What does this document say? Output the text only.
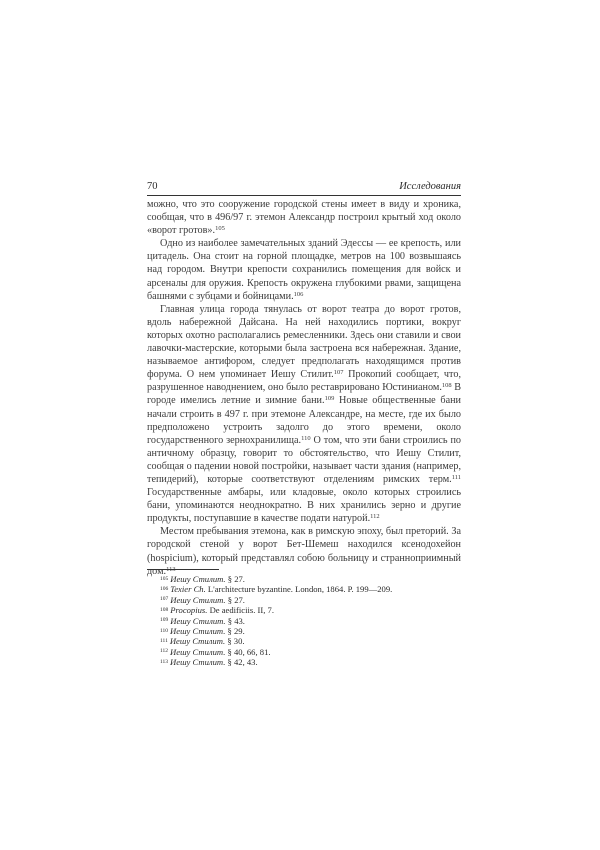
70	Исследования

можно, что это сооружение городской стены имеет в виду и хроника, сообщая, что в 496/97 г. этемон Александр построил крытый ход около «ворот гротов».$^{105}$

Одно из наиболее замечательных зданий Эдессы — ее крепость, или цитадель. Она стоит на горной площадке, метров на 100 возвышаясь над городом. Внутри крепости сохранились помещения для войск и арсеналы для оружия. Крепость окружена глубокими рвами, защищена башнями с зубцами и бойницами.$^{106}$

Главная улица города тянулась от ворот театра до ворот гротов, вдоль набережной Дайсана. На ней находились портики, вокруг которых охотно располагались ремесленники. Здесь они ставили и свои лавочки-мастерские, которыми была застроена вся набережная. Здание, называемое антифором, следует предполагать находящимся против форума. О нем упоминает Иешу Стилит.$^{107}$ Прокопий сообщает, что, разрушенное наводнением, оно было реставрировано Юстинианом.$^{108}$ В городе имелись летние и зимние бани.$^{109}$ Новые общественные бани начали строить в 497 г. при этемоне Александре, на месте, где их было предположено устроить задолго до этого времени, около государственного зернохранилища.$^{110}$ О том, что эти бани строились по античному образцу, говорит то обстоятельство, что Иешу Стилит, сообщая о падении новой постройки, называет части здания (например, тепидерий), которые соответствуют отделениям римских терм.$^{111}$ Государственные амбары, или кладовые, около которых строились бани, упоминаются неоднократно. В них хранились зерно и другие продукты, поступавшие в качестве подати натурой.$^{112}$

Местом пребывания этемона, как в римскую эпоху, был преторий. За городской стеной у ворот Бет-Шемеш находился ксенодохейон (hospicium), который представлял собою больницу и странноприимный дом.$^{113}$

$^{105}$ Иешу Стилит. § 27.
$^{106}$ Texier Ch. L'architecture byzantine. London, 1864. P. 199—209.
$^{107}$ Иешу Стилит. § 27.
$^{108}$ Procopius. De aedificiis. II, 7.
$^{109}$ Иешу Стилит. § 43.
$^{110}$ Иешу Стилит. § 29.
$^{111}$ Иешу Стилит. § 30.
$^{112}$ Иешу Стилит. § 40, 66, 81.
$^{113}$ Иешу Стилит. § 42, 43.
